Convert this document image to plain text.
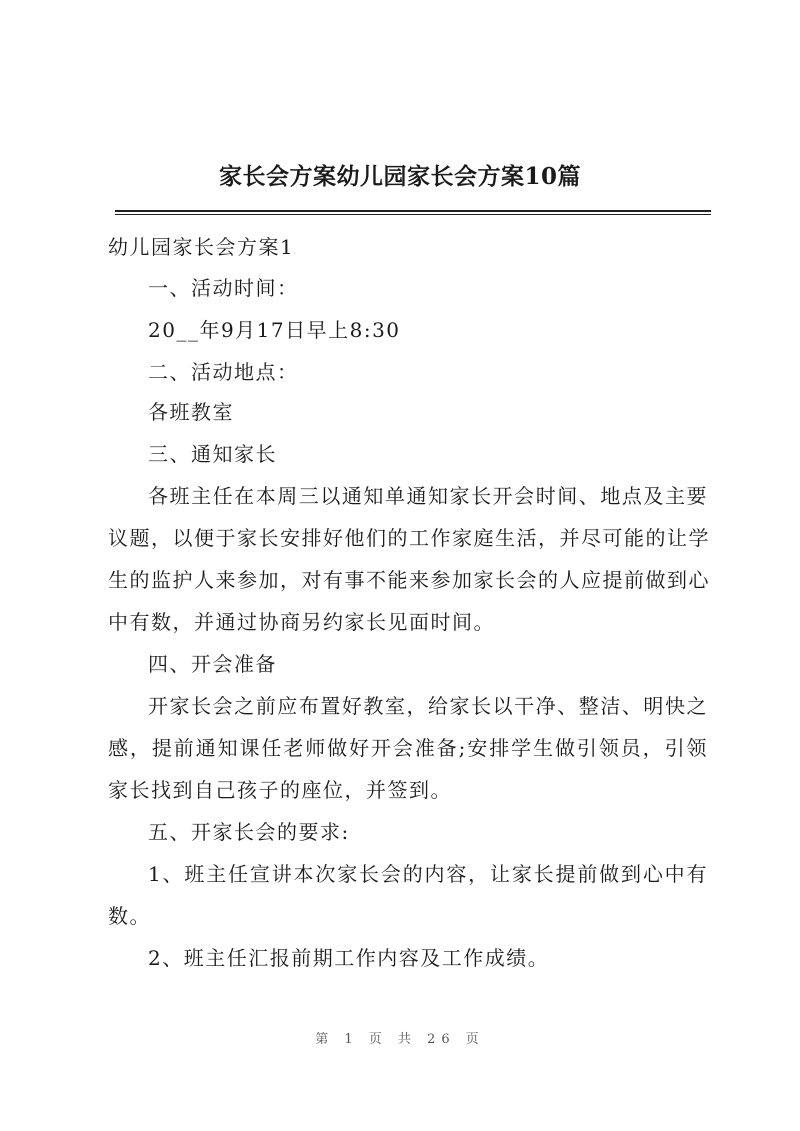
家长会方案幼儿园家长会方案10篇
幼儿园家长会方案1
一、活动时间：
20__年9月17日早上8:30
二、活动地点：
各班教室
三、通知家长
各班主任在本周三以通知单通知家长开会时间、地点及主要
议题，以便于家长安排好他们的工作家庭生活，并尽可能的让学
生的监护人来参加，对有事不能来参加家长会的人应提前做到心
中有数，并通过协商另约家长见面时间。
四、开会准备
开家长会之前应布置好教室，给家长以干净、整洁、明快之
感，提前通知课任老师做好开会准备;安排学生做引领员，引领
家长找到自己孩子的座位，并签到。
五、开家长会的要求:
1、班主任宣讲本次家长会的内容，让家长提前做到心中有
数。
2、班主任汇报前期工作内容及工作成绩。
第 1 页 共 26 页
